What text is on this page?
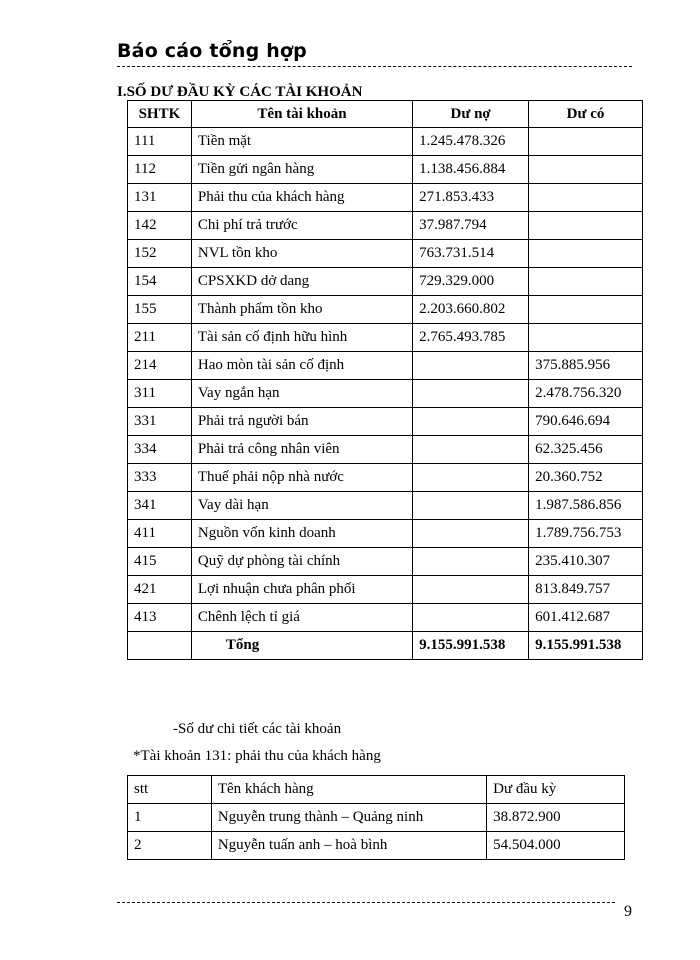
Báo cáo tổng hợp
I.SỐ DƯ ĐẦU KỲ CÁC TÀI KHOẢN
SHTK	Tên tài khoản	Dư nợ	Dư có
111	Tiền mặt	1.245.478.326	
112	Tiền gửi ngân hàng	1.138.456.884	
131	Phải thu của khách hàng	271.853.433	
142	Chi phí trả trước	37.987.794	
152	NVL tồn kho	763.731.514	
154	CPSXKD dở dang	729.329.000	
155	Thành phẩm tồn kho	2.203.660.802	
211	Tài sản cố định hữu hình	2.765.493.785	
214	Hao mòn tài sản cố định		375.885.956
311	Vay ngắn hạn		2.478.756.320
331	Phải trả người bán		790.646.694
334	Phải trả công nhân viên		62.325.456
333	Thuế phải nộp nhà nước		20.360.752
341	Vay dài hạn		1.987.586.856
411	Nguồn vốn kinh doanh		1.789.756.753
415	Quỹ dự phòng tài chính		235.410.307
421	Lợi nhuận chưa phân phối		813.849.757
413	Chênh lệch tỉ giá		601.412.687
	Tổng	9.155.991.538	9.155.991.538
-Số dư chi tiết các tài khoản
*Tài khoản 131: phải thu của khách hàng
stt	Tên khách hàng	Dư đầu kỳ
1	Nguyễn trung thành – Quảng ninh	38.872.900
2	Nguyễn tuấn anh – hoà bình	54.504.000
9
